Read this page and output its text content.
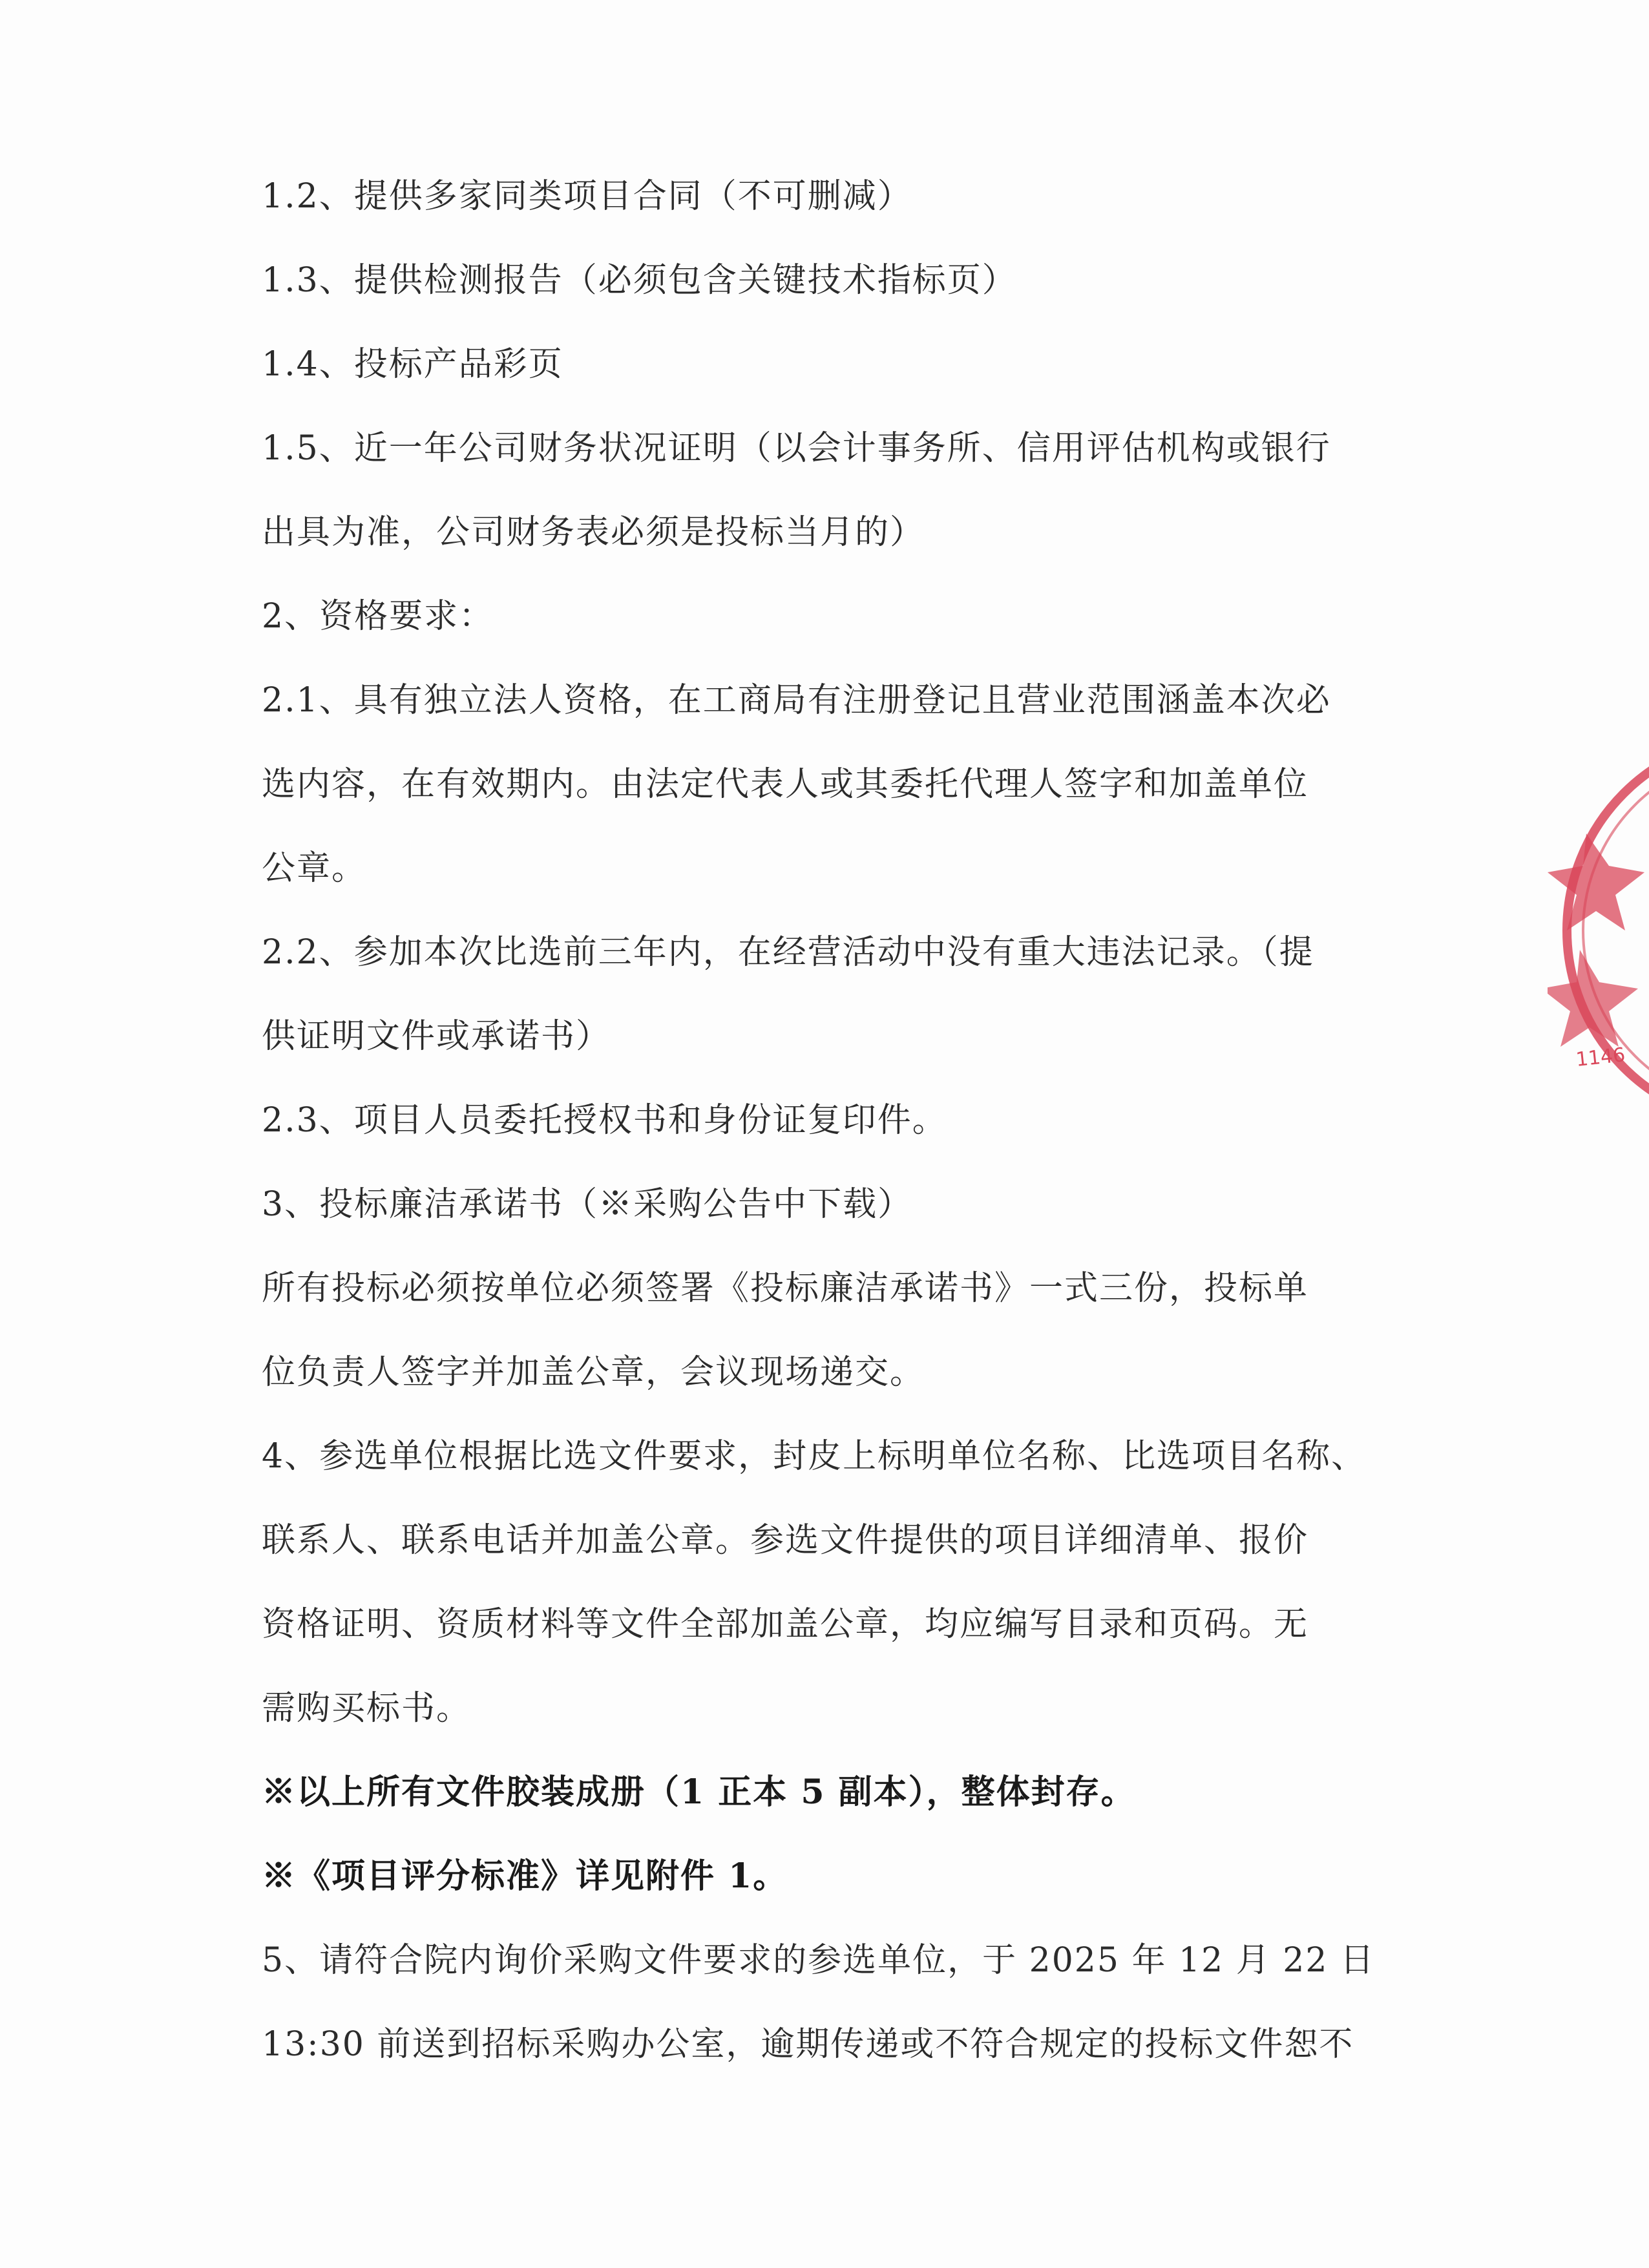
1.2、提供多家同类项目合同（不可删减）
1.3、提供检测报告（必须包含关键技术指标页）
1.4、投标产品彩页
1.5、近一年公司财务状况证明（以会计事务所、信用评估机构或银行
出具为准，公司财务表必须是投标当月的）
2、资格要求：
2.1、具有独立法人资格，在工商局有注册登记且营业范围涵盖本次必
选内容，在有效期内。由法定代表人或其委托代理人签字和加盖单位
公章。
2.2、参加本次比选前三年内，在经营活动中没有重大违法记录。（提
供证明文件或承诺书）
2.3、项目人员委托授权书和身份证复印件。
3、投标廉洁承诺书（※采购公告中下载）
所有投标必须按单位必须签署《投标廉洁承诺书》一式三份，投标单
位负责人签字并加盖公章，会议现场递交。
4、参选单位根据比选文件要求，封皮上标明单位名称、比选项目名称、
联系人、联系电话并加盖公章。参选文件提供的项目详细清单、报价
资格证明、资质材料等文件全部加盖公章，均应编写目录和页码。无
需购买标书。
※以上所有文件胶装成册（1 正本 5 副本），整体封存。
※《项目评分标准》详见附件 1。
5、请符合院内询价采购文件要求的参选单位，于 2025 年 12 月 22 日
13:30 前送到招标采购办公室，逾期传递或不符合规定的投标文件恕不
1146
